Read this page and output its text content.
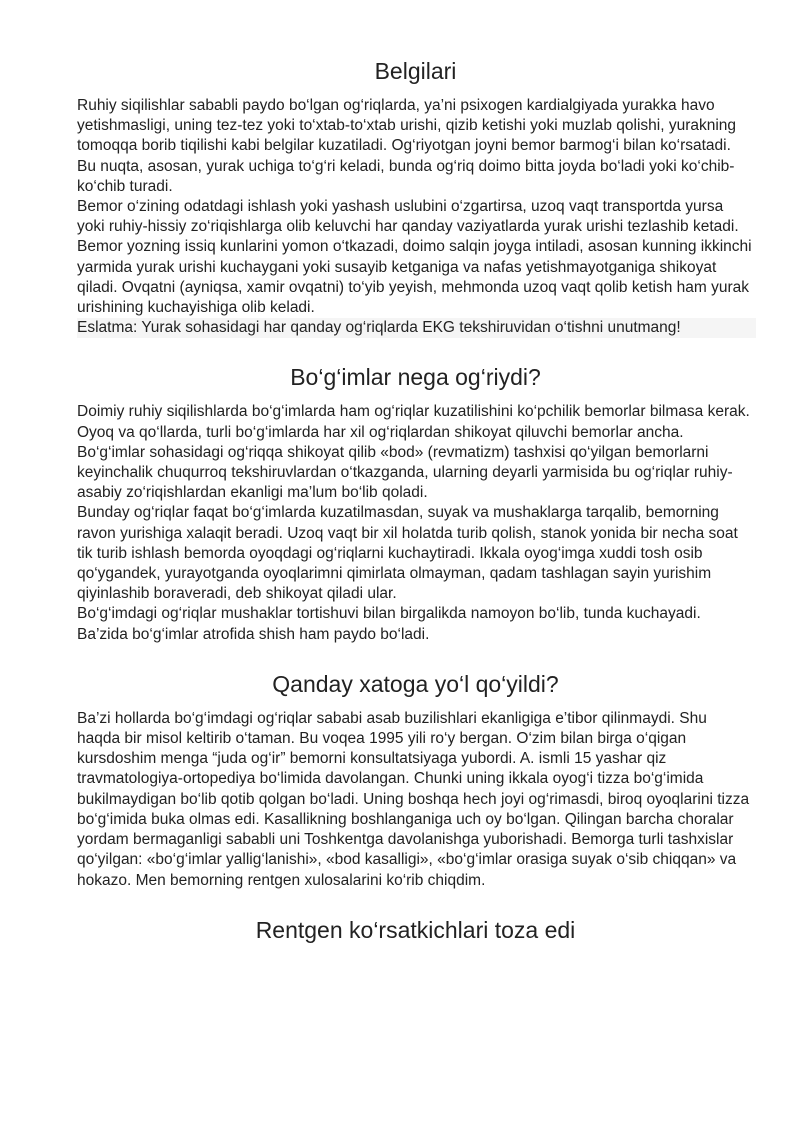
Belgilari

Ruhiy siqilishlar sababli paydo bo‘lgan og‘riqlarda, ya’ni psixogen kardialgiyada yurakka havo yetishmasligi, uning tez-tez yoki to‘xtab-to‘xtab urishi, qizib ketishi yoki muzlab qolishi, yurakning tomoqqa borib tiqilishi kabi belgilar kuzatiladi. Og‘riyotgan joyni bemor barmog‘i bilan ko‘rsatadi. Bu nuqta, asosan, yurak uchiga to‘g‘ri keladi, bunda og‘riq doimo bitta joyda bo‘ladi yoki ko‘chib-ko‘chib turadi.

Bemor o‘zining odatdagi ishlash yoki yashash uslubini o‘zgartirsa, uzoq vaqt transportda yursa yoki ruhiy-hissiy zo‘riqishlarga olib keluvchi har qanday vaziyatlarda yurak urishi tezlashib ketadi. Bemor yozning issiq kunlarini yomon o‘tkazadi, doimo salqin joyga intiladi, asosan kunning ikkinchi yarmida yurak urishi kuchaygani yoki susayib ketganiga va nafas yetishmayotganiga shikoyat qiladi. Ovqatni (ayniqsa, xamir ovqatni) to‘yib yeyish, mehmonda uzoq vaqt qolib ketish ham yurak urishining kuchayishiga olib keladi.

Eslatma: Yurak sohasidagi har qanday og‘riqlarda EKG tekshiruvidan o‘tishni unutmang!

Bo‘g‘imlar nega og‘riydi?

Doimiy ruhiy siqilishlarda bo‘g‘imlarda ham og‘riqlar kuzatilishini ko‘pchilik bemorlar bilmasa kerak. Oyoq va qo‘llarda, turli bo‘g‘imlarda har xil og‘riqlardan shikoyat qiluvchi bemorlar ancha. Bo‘g‘imlar sohasidagi og‘riqqa shikoyat qilib «bod» (revmatizm) tashxisi qo‘yilgan bemorlarni keyinchalik chuqurroq tekshiruvlardan o‘tkazganda, ularning deyarli yarmisida bu og‘riqlar ruhiy-asabiy zo‘riqishlardan ekanligi ma’lum bo‘lib qoladi.

Bunday og‘riqlar faqat bo‘g‘imlarda kuzatilmasdan, suyak va mushaklarga tarqalib, bemorning ravon yurishiga xalaqit beradi. Uzoq vaqt bir xil holatda turib qolish, stanok yonida bir necha soat tik turib ishlash bemorda oyoqdagi og‘riqlarni kuchaytiradi. Ikkala oyog‘imga xuddi tosh osib qo‘ygandek, yurayotganda oyoqlarimni qimirlata olmayman, qadam tashlagan sayin yurishim qiyinlashib boraveradi, deb shikoyat qiladi ular.

Bo‘g‘imdagi og‘riqlar mushaklar tortishuvi bilan birgalikda namoyon bo‘lib, tunda kuchayadi.

Ba’zida bo‘g‘imlar atrofida shish ham paydo bo‘ladi.

Qanday xatoga yo‘l qo‘yildi?

Ba’zi hollarda bo‘g‘imdagi og‘riqlar sababi asab buzilishlari ekanligiga e’tibor qilinmaydi. Shu haqda bir misol keltirib o‘taman. Bu voqea 1995 yili ro‘y bergan. O‘zim bilan birga o‘qigan kursdoshim menga “juda og‘ir” bemorni konsultatsiyaga yubordi. A. ismli 15 yashar qiz travmatologiya-ortopediya bo‘limida davolangan. Chunki uning ikkala oyog‘i tizza bo‘g‘imida bukilmaydigan bo‘lib qotib qolgan bo‘ladi. Uning boshqa hech joyi og‘rimasdi, biroq oyoqlarini tizza bo‘g‘imida buka olmas edi. Kasallikning boshlanganiga uch oy bo‘lgan. Qilingan barcha choralar yordam bermaganligi sababli uni Toshkentga davolanishga yuborishadi. Bemorga turli tashxislar qo‘yilgan: «bo‘g‘imlar yallig‘lanishi», «bod kasalligi», «bo‘g‘imlar orasiga suyak o‘sib chiqqan» va hokazo. Men bemorning rentgen xulosalarini ko‘rib chiqdim.

Rentgen ko‘rsatkichlari toza edi
